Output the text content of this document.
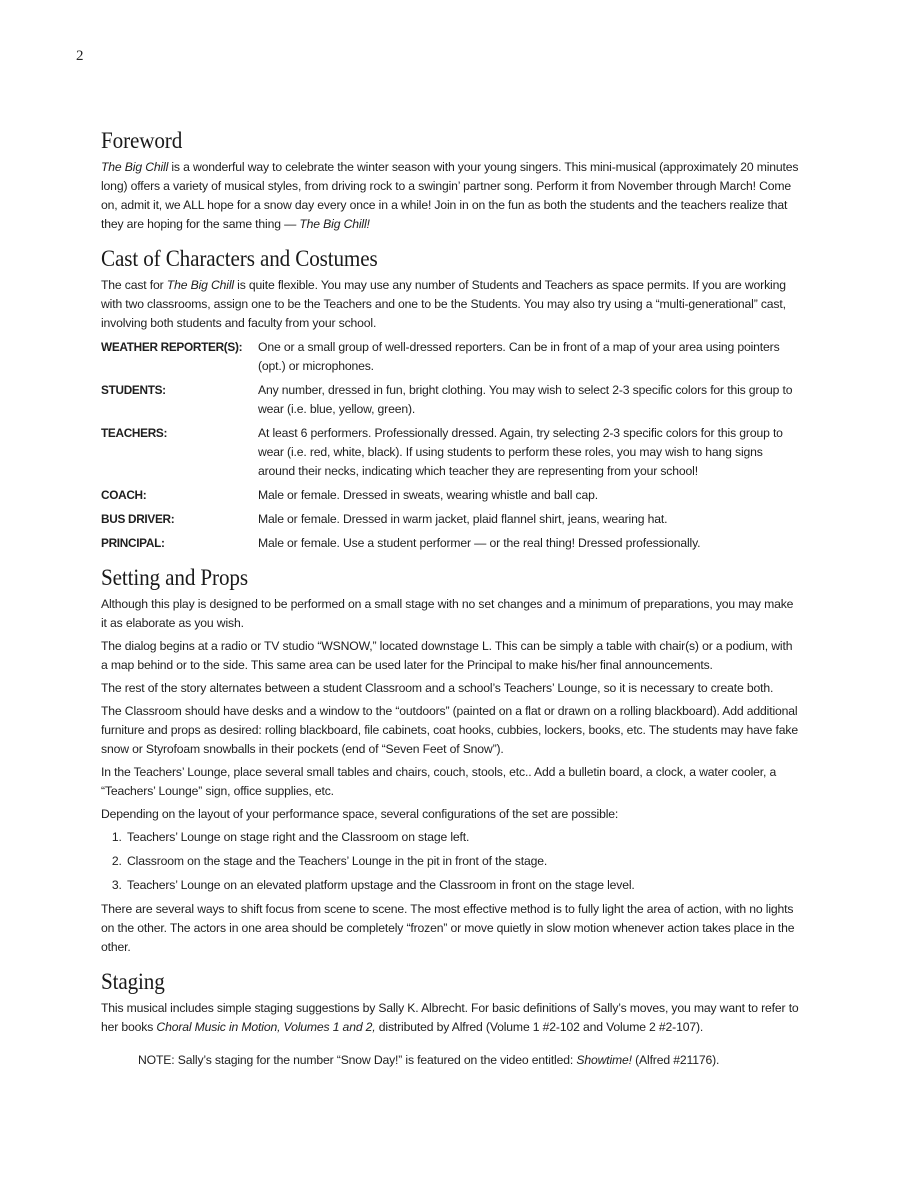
2
Foreword

The Big Chill is a wonderful way to celebrate the winter season with your young singers. This mini-musical (approximately 20 minutes long) offers a variety of musical styles, from driving rock to a swingin’ partner song. Perform it from November through March! Come on, admit it, we ALL hope for a snow day every once in a while! Join in on the fun as both the students and the teachers realize that they are hoping for the same thing — The Big Chill!

Cast of Characters and Costumes

The cast for The Big Chill is quite flexible. You may use any number of Students and Teachers as space permits. If you are working with two classrooms, assign one to be the Teachers and one to be the Students. You may also try using a “multi-generational” cast, involving both students and faculty from your school.

WEATHER REPORTER(S):	One or a small group of well-dressed reporters. Can be in front of a map of your area using pointers (opt.) or microphones.
STUDENTS:	Any number, dressed in fun, bright clothing. You may wish to select 2-3 specific colors for this group to wear (i.e. blue, yellow, green).
TEACHERS:	At least 6 performers. Professionally dressed. Again, try selecting 2-3 specific colors for this group to wear (i.e. red, white, black). If using students to perform these roles, you may wish to hang signs around their necks, indicating which teacher they are representing from your school!
COACH:	Male or female. Dressed in sweats, wearing whistle and ball cap.
BUS DRIVER:	Male or female. Dressed in warm jacket, plaid flannel shirt, jeans, wearing hat.
PRINCIPAL:	Male or female. Use a student performer — or the real thing! Dressed professionally.
Setting and Props

Although this play is designed to be performed on a small stage with no set changes and a minimum of preparations, you may make it as elaborate as you wish.

The dialog begins at a radio or TV studio “WSNOW,” located downstage L. This can be simply a table with chair(s) or a podium, with a map behind or to the side. This same area can be used later for the Principal to make his/her final announcements.

The rest of the story alternates between a student Classroom and a school’s Teachers’ Lounge, so it is necessary to create both.

The Classroom should have desks and a window to the “outdoors” (painted on a flat or drawn on a rolling blackboard). Add additional furniture and props as desired: rolling blackboard, file cabinets, coat hooks, cubbies, lockers, books, etc. The students may have fake snow or Styrofoam snowballs in their pockets (end of “Seven Feet of Snow”).

In the Teachers’ Lounge, place several small tables and chairs, couch, stools, etc.. Add a bulletin board, a clock, a water cooler, a “Teachers’ Lounge” sign, office supplies, etc.

Depending on the layout of your performance space, several configurations of the set are possible:

1. Teachers’ Lounge on stage right and the Classroom on stage left.
2. Classroom on the stage and the Teachers’ Lounge in the pit in front of the stage.
3. Teachers’ Lounge on an elevated platform upstage and the Classroom in front on the stage level.

There are several ways to shift focus from scene to scene. The most effective method is to fully light the area of action, with no lights on the other. The actors in one area should be completely “frozen” or move quietly in slow motion whenever action takes place in the other.

Staging

This musical includes simple staging suggestions by Sally K. Albrecht. For basic definitions of Sally’s moves, you may want to refer to her books Choral Music in Motion, Volumes 1 and 2, distributed by Alfred (Volume 1 #2-102 and Volume 2 #2-107).

NOTE: Sally’s staging for the number “Snow Day!” is featured on the video entitled: Showtime! (Alfred #21176).
